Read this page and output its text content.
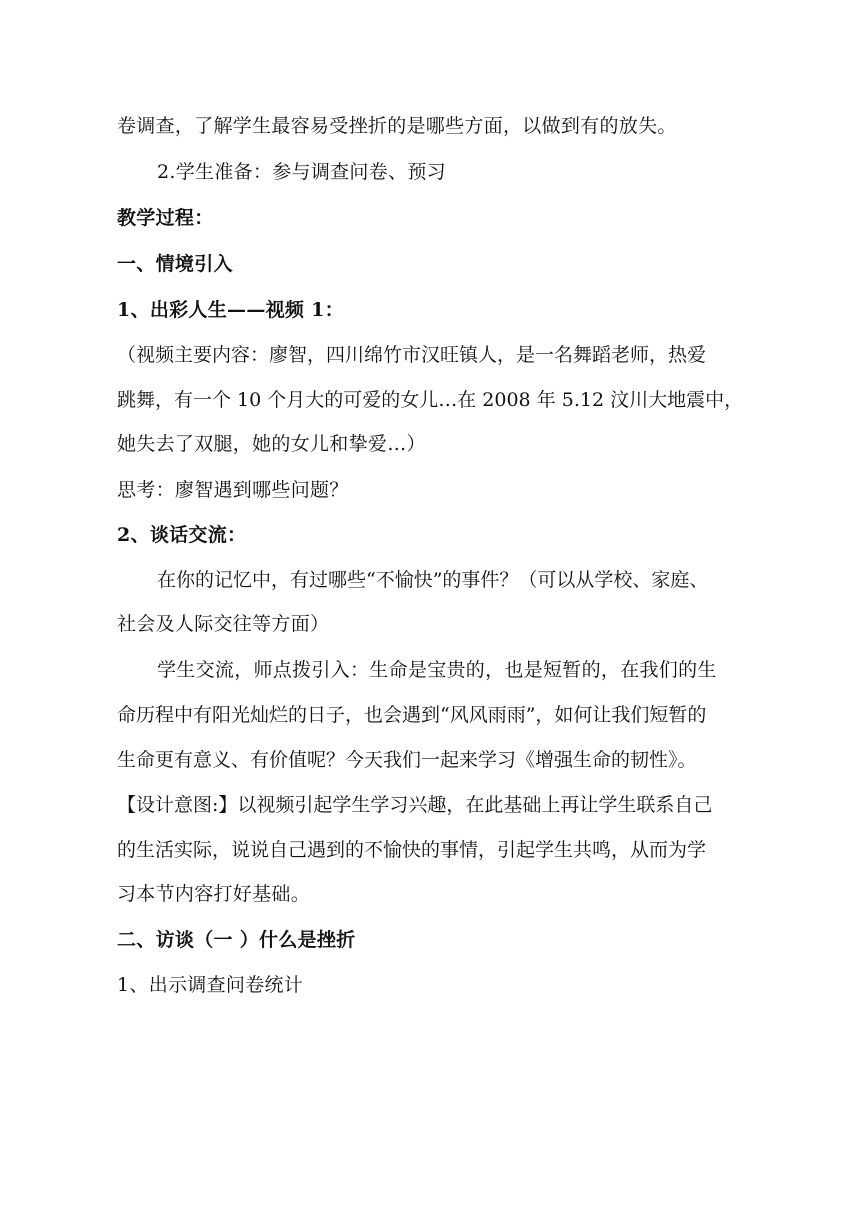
卷调查，了解学生最容易受挫折的是哪些方面，以做到有的放失。
2.学生准备：参与调查问卷、预习
教学过程：
一、情境引入
1、出彩人生——视频 1：
（视频主要内容：廖智，四川绵竹市汉旺镇人，是一名舞蹈老师，热爱
跳舞，有一个 10 个月大的可爱的女儿…在 2008 年 5.12 汶川大地震中，
她失去了双腿，她的女儿和挚爱…）
思考：廖智遇到哪些问题？
2、谈话交流：
在你的记忆中，有过哪些“不愉快”的事件？（可以从学校、家庭、
社会及人际交往等方面）
学生交流，师点拨引入：生命是宝贵的，也是短暂的，在我们的生
命历程中有阳光灿烂的日子，也会遇到“风风雨雨”，如何让我们短暂的
生命更有意义、有价值呢？今天我们一起来学习《增强生命的韧性》。
【设计意图:】以视频引起学生学习兴趣，在此基础上再让学生联系自己
的生活实际，说说自己遇到的不愉快的事情，引起学生共鸣，从而为学
习本节内容打好基础。
二、访谈（一 ）什么是挫折
1、出示调查问卷统计
